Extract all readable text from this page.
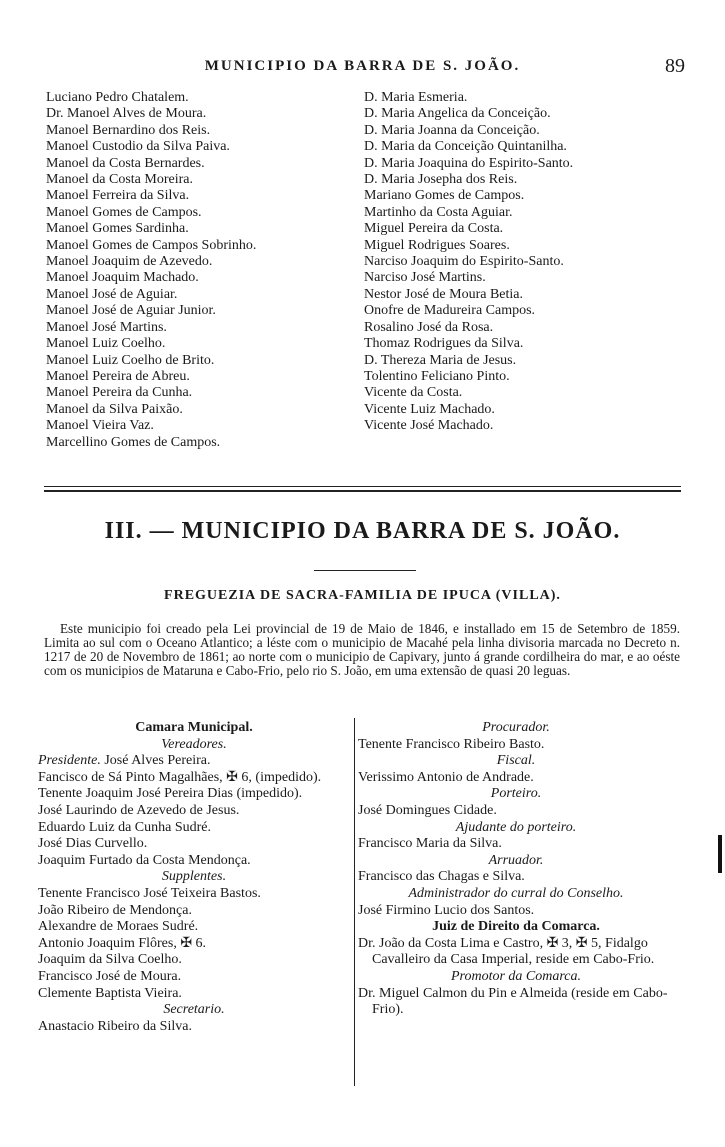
MUNICIPIO DA BARRA DE S. JOÃO.	89
Luciano Pedro Chatalem.
Dr. Manoel Alves de Moura.
Manoel Bernardino dos Reis.
Manoel Custodio da Silva Paiva.
Manoel da Costa Bernardes.
Manoel da Costa Moreira.
Manoel Ferreira da Silva.
Manoel Gomes de Campos.
Manoel Gomes Sardinha.
Manoel Gomes de Campos Sobrinho.
Manoel Joaquim de Azevedo.
Manoel Joaquim Machado.
Manoel José de Aguiar.
Manoel José de Aguiar Junior.
Manoel José Martins.
Manoel Luiz Coelho.
Manoel Luiz Coelho de Brito.
Manoel Pereira de Abreu.
Manoel Pereira da Cunha.
Manoel da Silva Paixão.
Manoel Vieira Vaz.
Marcellino Gomes de Campos.
D. Maria Esmeria.
D. Maria Angelica da Conceição.
D. Maria Joanna da Conceição.
D. Maria da Conceição Quintanilha.
D. Maria Joaquina do Espirito-Santo.
D. Maria Josepha dos Reis.
Mariano Gomes de Campos.
Martinho da Costa Aguiar.
Miguel Pereira da Costa.
Miguel Rodrigues Soares.
Narciso Joaquim do Espirito-Santo.
Narciso José Martins.
Nestor José de Moura Betia.
Onofre de Madureira Campos.
Rosalino José da Rosa.
Thomaz Rodrigues da Silva.
D. Thereza Maria de Jesus.
Tolentino Feliciano Pinto.
Vicente da Costa.
Vicente Luiz Machado.
Vicente José Machado.
III. — MUNICIPIO DA BARRA DE S. JOÃO.
FREGUEZIA DE SACRA-FAMILIA DE IPUCA (VILLA).

Este municipio foi creado pela Lei provincial de 19 de Maio de 1846, e installado em 15 de Setembro de 1859. Limita ao sul com o Oceano Atlantico; a léste com o municipio de Macahé pela linha divisoria marcada no Decreto n. 1217 de 20 de Novembro de 1861; ao norte com o municipio de Capivary, junto á grande cordilheira do mar, e ao oéste com os municipios de Mataruna e Cabo-Frio, pelo rio S. João, em uma extensão de quasi 20 leguas.

Camara Municipal.
Vereadores.
Presidente. José Alves Pereira.
Fancisco de Sá Pinto Magalhães, ✠ 6, (impedido).
Tenente Joaquim José Pereira Dias (impedido).
José Laurindo de Azevedo de Jesus.
Eduardo Luiz da Cunha Sudré.
José Dias Curvello.
Joaquim Furtado da Costa Mendonça.
Supplentes.
Tenente Francisco José Teixeira Bastos.
João Ribeiro de Mendonça.
Alexandre de Moraes Sudré.
Antonio Joaquim Flôres, ✠ 6.
Joaquim da Silva Coelho.
Francisco José de Moura.
Clemente Baptista Vieira.
Secretario.
Anastacio Ribeiro da Silva.
Procurador.
Tenente Francisco Ribeiro Basto.
Fiscal.
Verissimo Antonio de Andrade.
Porteiro.
José Domingues Cidade.
Ajudante do porteiro.
Francisco Maria da Silva.
Arruador.
Francisco das Chagas e Silva.
Administrador do curral do Conselho.
José Firmino Lucio dos Santos.
Juiz de Direito da Comarca.
Dr. João da Costa Lima e Castro, ✠ 3, ✠ 5, Fidalgo Cavalleiro da Casa Imperial, reside em Cabo-Frio.
Promotor da Comarca.
Dr. Miguel Calmon du Pin e Almeida (reside em Cabo-Frio).
